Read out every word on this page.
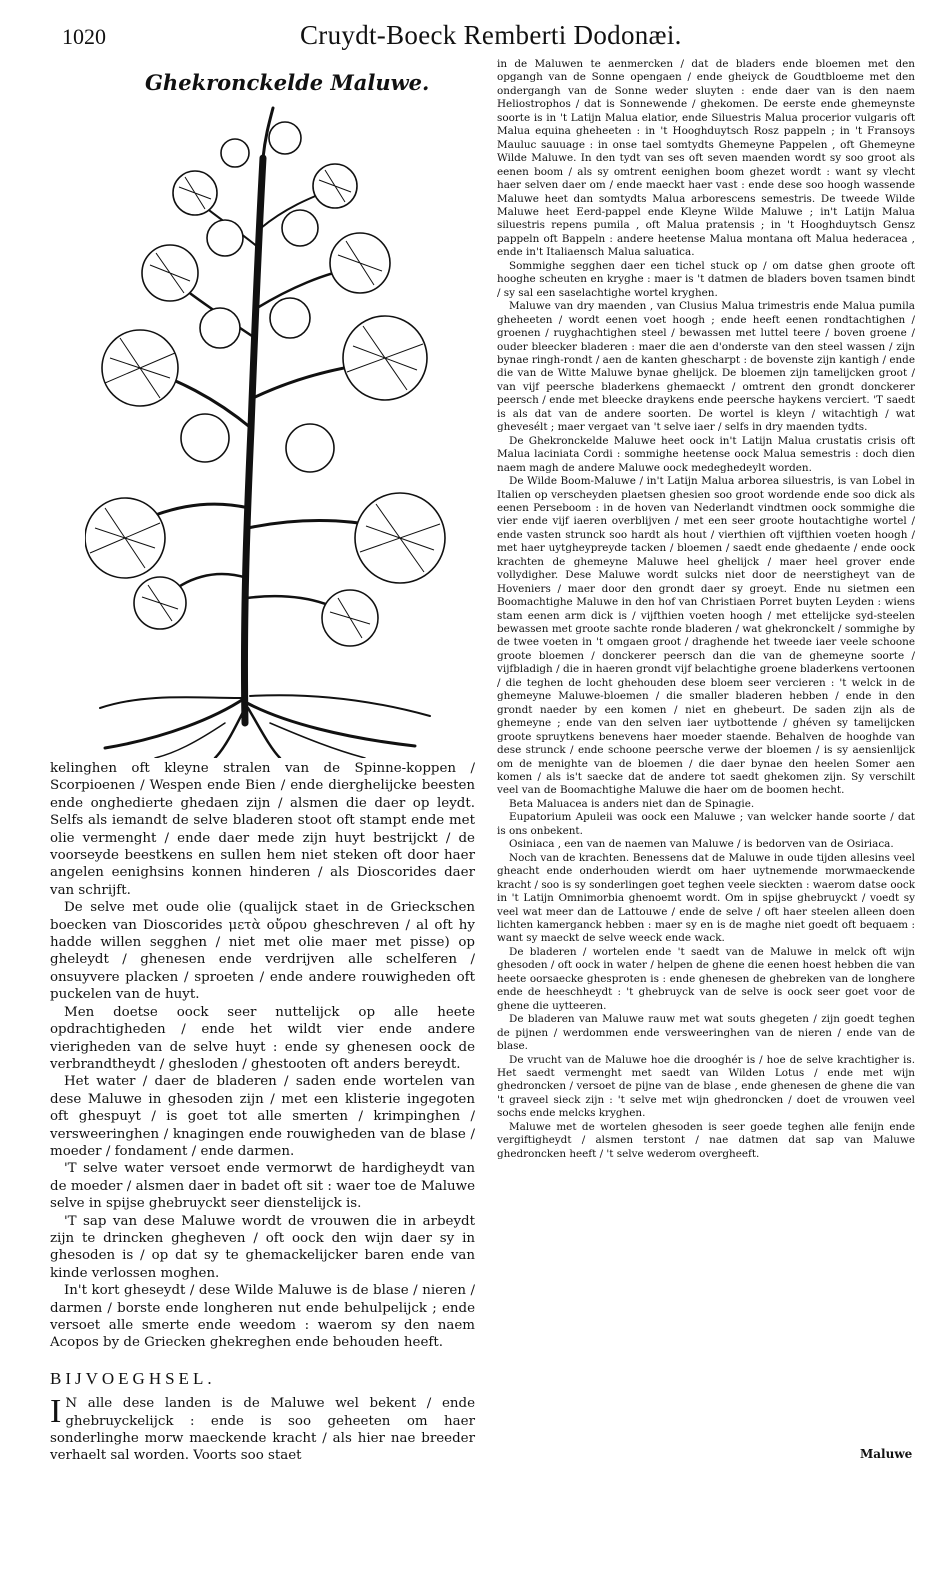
1020	Cruydt-Boeck Remberti Dodonæi.
Ghekronckelde Maluwe.

kelinghen oft kleyne stralen van de Spinne-koppen / Scorpioenen / Wespen ende Bien / ende dierghelijcke beesten ende onghedierte ghedaen zijn / alsmen die daer op leydt. Selfs als iemandt de selve bladeren stoot oft stampt ende met olie vermenght / ende daer mede zijn huyt bestrijckt / de voorseyde beestkens en sullen hem niet steken oft door haer angelen eenighsins konnen hinderen / als Dioscorides daer van schrijft.

De selve met oude olie (qualijck staet in de Grieckschen boecken van Dioscorides μετὰ οὔρου gheschreven / al oft hy hadde willen segghen / niet met olie maer met pisse) op gheleydt / ghenesen ende verdrijven alle schelferen / onsuyvere placken / sproeten / ende andere rouwigheden oft puckelen van de huyt.

Men doetse oock seer nuttelijck op alle heete opdrachtigheden / ende het wildt vier ende andere vierigheden van de selve huyt : ende sy ghenesen oock de verbrandtheydt / ghesloden / ghestooten oft anders bereydt.

Het water / daer de bladeren / saden ende wortelen van dese Maluwe in ghesoden zijn / met een klisterie ingegoten oft ghespuyt / is goet tot alle smerten / krimpinghen / versweeringhen / knagingen ende rouwigheden van de blase / moeder / fondament / ende darmen.

'T selve water versoet ende vermorwt de hardigheydt van de moeder / alsmen daer in badet oft sit : waer toe de Maluwe selve in spijse ghebruyckt seer dienstelijck is.

'T sap van dese Maluwe wordt de vrouwen die in arbeydt zijn te drincken ghegheven / oft oock den wijn daer sy in ghesoden is / op dat sy te ghemackelijcker baren ende van kinde verlossen moghen.

In't kort gheseydt / dese Wilde Maluwe is de blase / nieren / darmen / borste ende longheren nut ende behulpelijck ; ende versoet alle smerte ende weedom : waerom sy den naem Acopos by de Griecken ghekreghen ende behouden heeft.

BIJVOEGHSEL.

I N alle dese landen is de Maluwe wel bekent / ende ghebruyckelijck : ende is soo geheeten om haer sonderlinghe morw maeckende kracht / als hier nae breeder verhaelt sal worden. Voorts soo staet

in de Maluwen te aenmercken / dat de bladers ende bloemen met den opgangh van de Sonne opengaen / ende gheiyck de Goudtbloeme met den ondergangh van de Sonne weder sluyten : ende daer van is den naem Heliostrophos / dat is Sonnewende / ghekomen. De eerste ende ghemeynste soorte is in 't Latijn Malua elatior, ende Siluestris Malua procerior vulgaris oft Malua equina gheheeten : in 't Hooghduytsch Rosz pappeln ; in 't Fransoys Mauluc sauuage : in onse tael somtydts Ghemeyne Pappelen , oft Ghemeyne Wilde Maluwe. In den tydt van ses oft seven maenden wordt sy soo groot als eenen boom / als sy omtrent eenighen boom ghezet wordt : want sy vlecht haer selven daer om / ende maeckt haer vast : ende dese soo hoogh wassende Maluwe heet dan somtydts Malua arborescens semestris. De tweede Wilde Maluwe heet Eerd-pappel ende Kleyne Wilde Maluwe ; in't Latijn Malua siluestris repens pumila , oft Malua pratensis ; in 't Hooghduytsch Gensz pappeln oft Bappeln : andere heetense Malua montana oft Malua hederacea , ende in't Italiaensch Malua saluatica.

Sommighe segghen daer een tichel stuck op / om datse ghen groote oft hooghe scheuten en kryghe : maer is 't datmen de bladers boven tsamen bindt / sy sal een saselachtighe wortel kryghen.

Maluwe van dry maenden , van Clusius Malua trimestris ende Malua pumila gheheeten / wordt eenen voet hoogh ; ende heeft eenen rondtachtighen / groenen / ruyghachtighen steel / bewassen met luttel teere / boven groene / ouder bleecker bladeren : maer die aen d'onderste van den steel wassen / zijn bynae ringh-rondt / aen de kanten ghescharpt : de bovenste zijn kantigh / ende die van de Witte Maluwe bynae ghelijck. De bloemen zijn tamelijcken groot / van vijf peersche bladerkens ghemaeckt / omtrent den grondt donckerer peersch / ende met bleecke draykens ende peersche haykens verciert. 'T saedt is als dat van de andere soorten. De wortel is kleyn / witachtigh / wat ghevesélt ; maer vergaet van 't selve iaer / selfs in dry maenden tydts.

De Ghekronckelde Maluwe heet oock in't Latijn Malua crustatis crisis oft Malua laciniata Cordi : sommighe heetense oock Malua semestris : doch dien naem magh de andere Maluwe oock medeghedeylt worden.

De Wilde Boom-Maluwe / in't Latijn Malua arborea siluestris, is van Lobel in Italien op verscheyden plaetsen ghesien soo groot wordende ende soo dick als eenen Perseboom : in de hoven van Nederlandt vindtmen oock sommighe die vier ende vijf iaeren overblijven / met een seer groote houtachtighe wortel / ende vasten strunck soo hardt als hout / vierthien oft vijfthien voeten hoogh / met haer uytgheypreyde tacken / bloemen / saedt ende ghedaente / ende oock krachten de ghemeyne Maluwe heel ghelijck / maer heel grover ende vollydigher. Dese Maluwe wordt sulcks niet door de neerstigheyt van de Hoveniers / maer door den grondt daer sy groeyt. Ende nu sietmen een Boomachtighe Maluwe in den hof van Christiaen Porret buyten Leyden : wiens stam eenen arm dick is / vijfthien voeten hoogh / met ettelijcke syd-steelen bewassen met groote sachte ronde bladeren / wat ghekronckelt / sommighe by de twee voeten in 't omgaen groot / draghende het tweede iaer veele schoone groote bloemen / donckerer peersch dan die van de ghemeyne soorte / vijfbladigh / die in haeren grondt vijf belachtighe groene bladerkens vertoonen / die teghen de locht ghehouden dese bloem seer vercieren : 't welck in de ghemeyne Maluwe-bloemen / die smaller bladeren hebben / ende in den grondt naeder by een komen / niet en ghebeurt. De saden zijn als de ghemeyne ; ende van den selven iaer uytbottende / ghéven sy tamelijcken groote spruytkens benevens haer moeder staende. Behalven de hooghde van dese strunck / ende schoone peersche verwe der bloemen / is sy aensienlijck om de menighte van de bloemen / die daer bynae den heelen Somer aen komen / als is't saecke dat de andere tot saedt ghekomen zijn. Sy verschilt veel van de Boomachtighe Maluwe die haer om de boomen hecht.

Beta Maluacea is anders niet dan de Spinagie.

Eupatorium Apuleii was oock een Maluwe ; van welcker hande soorte / dat is ons onbekent.

Osiniaca , een van de naemen van Maluwe / is bedorven van de Osiriaca.

Noch van de krachten. Benessens dat de Maluwe in oude tijden allesins veel gheacht ende onderhouden wierdt om haer uytnemende morwmaeckende kracht / soo is sy sonderlingen goet teghen veele sieckten : waerom datse oock in 't Latijn Omnimorbia ghenoemt wordt. Om in spijse ghebruyckt / voedt sy veel wat meer dan de Lattouwe / ende de selve / oft haer steelen alleen doen lichten kamerganck hebben : maer sy en is de maghe niet goedt oft bequaem : want sy maeckt de selve weeck ende wack.

De bladeren / wortelen ende 't saedt van de Maluwe in melck oft wijn ghesoden / oft oock in water / helpen de ghene die eenen hoest hebben die van heete oorsaecke ghesproten is : ende ghenesen de ghebreken van de longhere ende de heeschheydt : 't ghebruyck van de selve is oock seer goet voor de ghene die uytteeren.

De bladeren van Maluwe rauw met wat souts ghegeten / zijn goedt teghen de pijnen / werdommen ende versweeringhen van de nieren / ende van de blase.

De vrucht van de Maluwe hoe die drooghér is / hoe de selve krachtigher is. Het saedt vermenght met saedt van Wilden Lotus / ende met wijn ghedroncken / versoet de pijne van de blase , ende ghenesen de ghene die van 't graveel sieck zijn : 't selve met wijn ghedroncken / doet de vrouwen veel sochs ende melcks kryghen.

Maluwe met de wortelen ghesoden is seer goede teghen alle fenijn ende vergiftigheydt / alsmen terstont / nae datmen dat sap van Maluwe ghedroncken heeft / 't selve wederom overgheeft.

Maluwe
